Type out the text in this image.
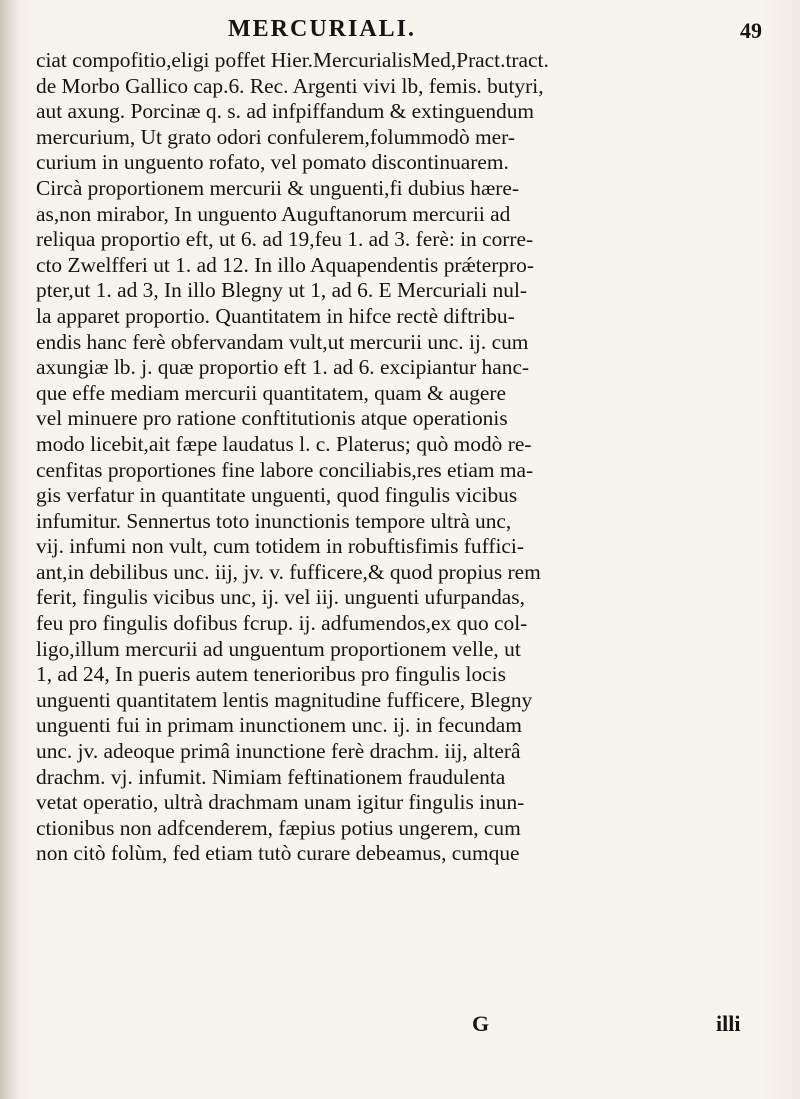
MERCURIALI.	49
ciat compofitio,eligi poffet Hier.MercurialisMed,Pract.tract.
de Morbo Gallico cap.6. Rec. Argenti vivi lb, femis. butyri,
aut axung. Porcinæ q. s. ad infpiffandum & extinguendum
mercurium, Ut grato odori confulerem,folummodò mer-
curium in unguento rofato, vel pomato discontinuarem.
Circà proportionem mercurii & unguenti,fi dubius hære-
as,non mirabor, In unguento Auguftanorum mercurii ad
reliqua proportio eft, ut 6. ad 19,feu 1. ad 3. ferè: in corre-
cto Zwelfferi ut 1. ad 12. In illo Aquapendentis prǽterpro-
pter,ut 1. ad 3, In illo Blegny ut 1, ad 6. E Mercuriali nul-
la apparet proportio. Quantitatem in hifce rectè diftribu-
endis hanc ferè obfervandam vult,ut mercurii unc. ij. cum
axungiæ lb. j. quæ proportio eft 1. ad 6. excipiantur hanc-
que effe mediam mercurii quantitatem, quam & augere
vel minuere pro ratione conftitutionis atque operationis
modo licebit,ait fæpe laudatus l. c. Platerus; quò modò re-
cenfitas proportiones fine labore conciliabis,res etiam ma-
gis verfatur in quantitate unguenti, quod fingulis vicibus
infumitur. Sennertus toto inunctionis tempore ultrà unc,
vij. infumi non vult, cum totidem in robuftisfimis fuffici-
ant,in debilibus unc. iij, jv. v. fufficere,& quod propius rem
ferit, fingulis vicibus unc, ij. vel iij. unguenti ufurpandas,
feu pro fingulis dofibus fcrup. ij. adfumendos,ex quo col-
ligo,illum mercurii ad unguentum proportionem velle, ut
1, ad 24, In pueris autem tenerioribus pro fingulis locis
unguenti quantitatem lentis magnitudine fufficere, Blegny
unguenti fui in primam inunctionem unc. ij. in fecundam
unc. jv. adeoque primâ inunctione ferè drachm. iij, alterâ
drachm. vj. infumit. Nimiam feftinationem fraudulenta
vetat operatio, ultrà drachmam unam igitur fingulis inun-
ctionibus non adfcenderem, fæpius potius ungerem, cum
non citò folùm, fed etiam tutò curare debeamus, cumque
G	illi
